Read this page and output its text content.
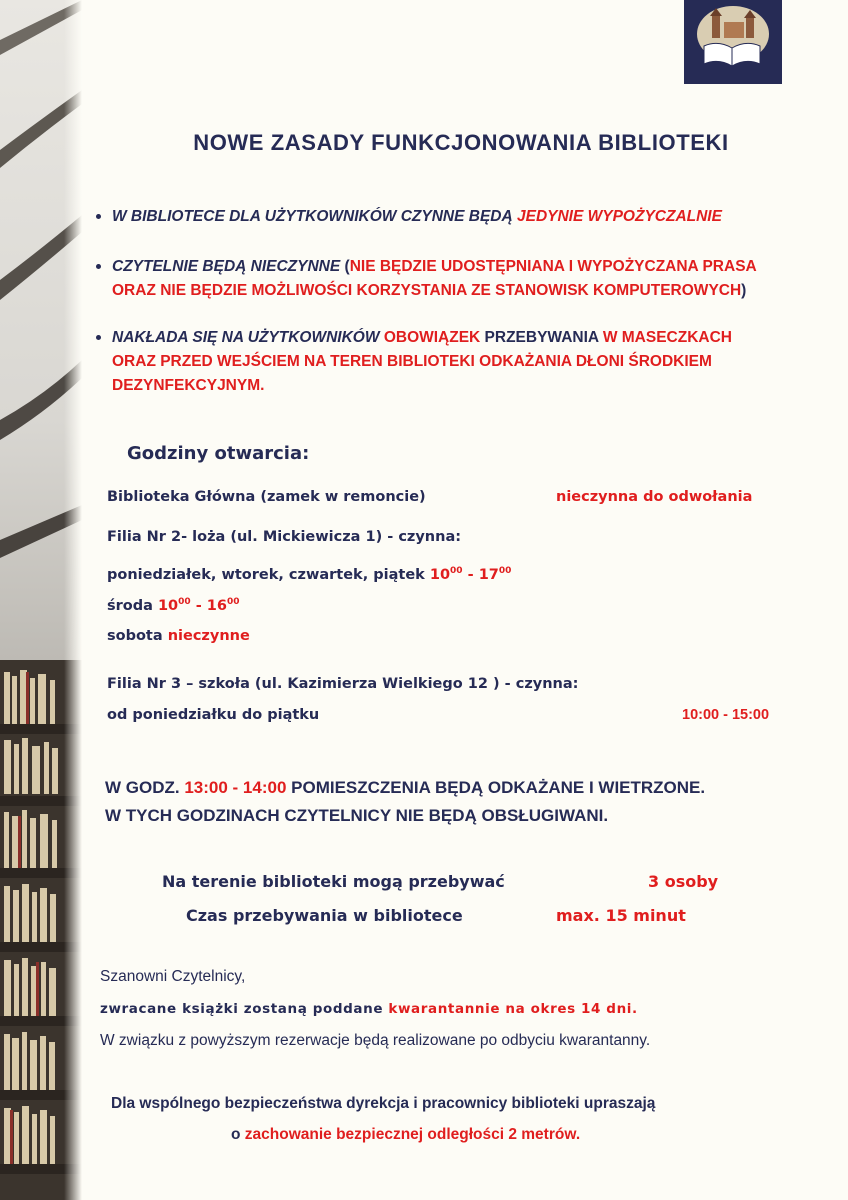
NOWE ZASADY FUNKCJONOWANIA BIBLIOTEKI
W BIBLIOTECE DLA UŻYTKOWNIKÓW CZYNNE BĘDĄ JEDYNIE WYPOŻYCZALNIE
CZYTELNIE BĘDĄ NIECZYNNE (NIE BĘDZIE UDOSTĘPNIANA I WYPOŻYCZANA PRASA
ORAZ NIE BĘDZIE MOŻLIWOŚCI KORZYSTANIA ZE STANOWISK KOMPUTEROWYCH)
NAKŁADA SIĘ NA UŻYTKOWNIKÓW OBOWIĄZEK PRZEBYWANIA W MASECZKACH
ORAZ PRZED WEJŚCIEM NA TEREN BIBLIOTEKI ODKAŻANIA DŁONI ŚRODKIEM
DEZYNFEKCYJNYM.
Godziny otwarcia:
Biblioteka Główna (zamek w remoncie)	nieczynna do odwołania
Filia Nr 2- loża (ul. Mickiewicza 1) - czynna:
poniedziałek, wtorek, czwartek, piątek $10^{00} - 17^{00}$
środa $10^{00} - 16^{00}$
sobota nieczynne
Filia Nr 3 – szkoła (ul. Kazimierza Wielkiego 12 ) - czynna:
od poniedziałku do piątku	10:00 - 15:00
W GODZ. 13:00 - 14:00 POMIESZCZENIA BĘDĄ ODKAŻANE I WIETRZONE.
W TYCH GODZINACH CZYTELNICY NIE BĘDĄ OBSŁUGIWANI.
Na terenie biblioteki mogą przebywać	3 osoby
Czas przebywania w bibliotece	max. 15 minut
Szanowni Czytelnicy,
zwracane książki zostaną poddane kwarantannie na okres 14 dni.
W związku z powyższym rezerwacje będą realizowane po odbyciu kwarantanny.
Dla wspólnego bezpieczeństwa dyrekcja i pracownicy biblioteki upraszają
o zachowanie bezpiecznej odległości 2 metrów.
